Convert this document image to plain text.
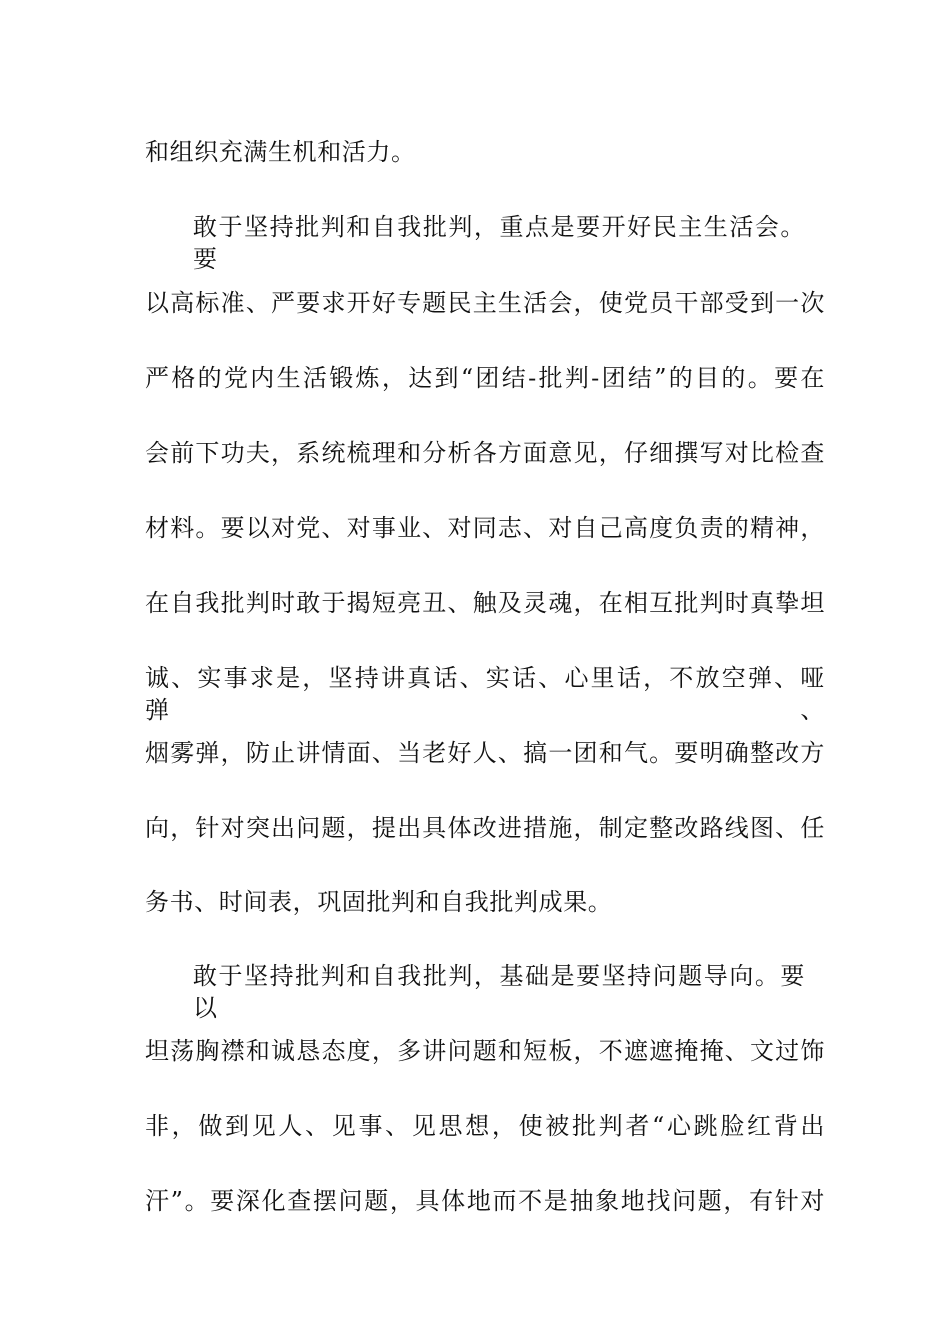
和组织充满生机和活力。
敢于坚持批判和自我批判，重点是要开好民主生活会。要
以高标准、严要求开好专题民主生活会，使党员干部受到一次
严格的党内生活锻炼，达到“团结-批判-团结”的目的。要在
会前下功夫，系统梳理和分析各方面意见，仔细撰写对比检查
材料。要以对党、对事业、对同志、对自己高度负责的精神，
在自我批判时敢于揭短亮丑、触及灵魂，在相互批判时真挚坦
诚、实事求是，坚持讲真话、实话、心里话，不放空弹、哑弹、
烟雾弹，防止讲情面、当老好人、搞一团和气。要明确整改方
向，针对突出问题，提出具体改进措施，制定整改路线图、任
务书、时间表，巩固批判和自我批判成果。
敢于坚持批判和自我批判，基础是要坚持问题导向。要以
坦荡胸襟和诚恳态度，多讲问题和短板，不遮遮掩掩、文过饰
非，做到见人、见事、见思想，使被批判者“心跳脸红背出
汗”。要深化查摆问题，具体地而不是抽象地找问题，有针对
